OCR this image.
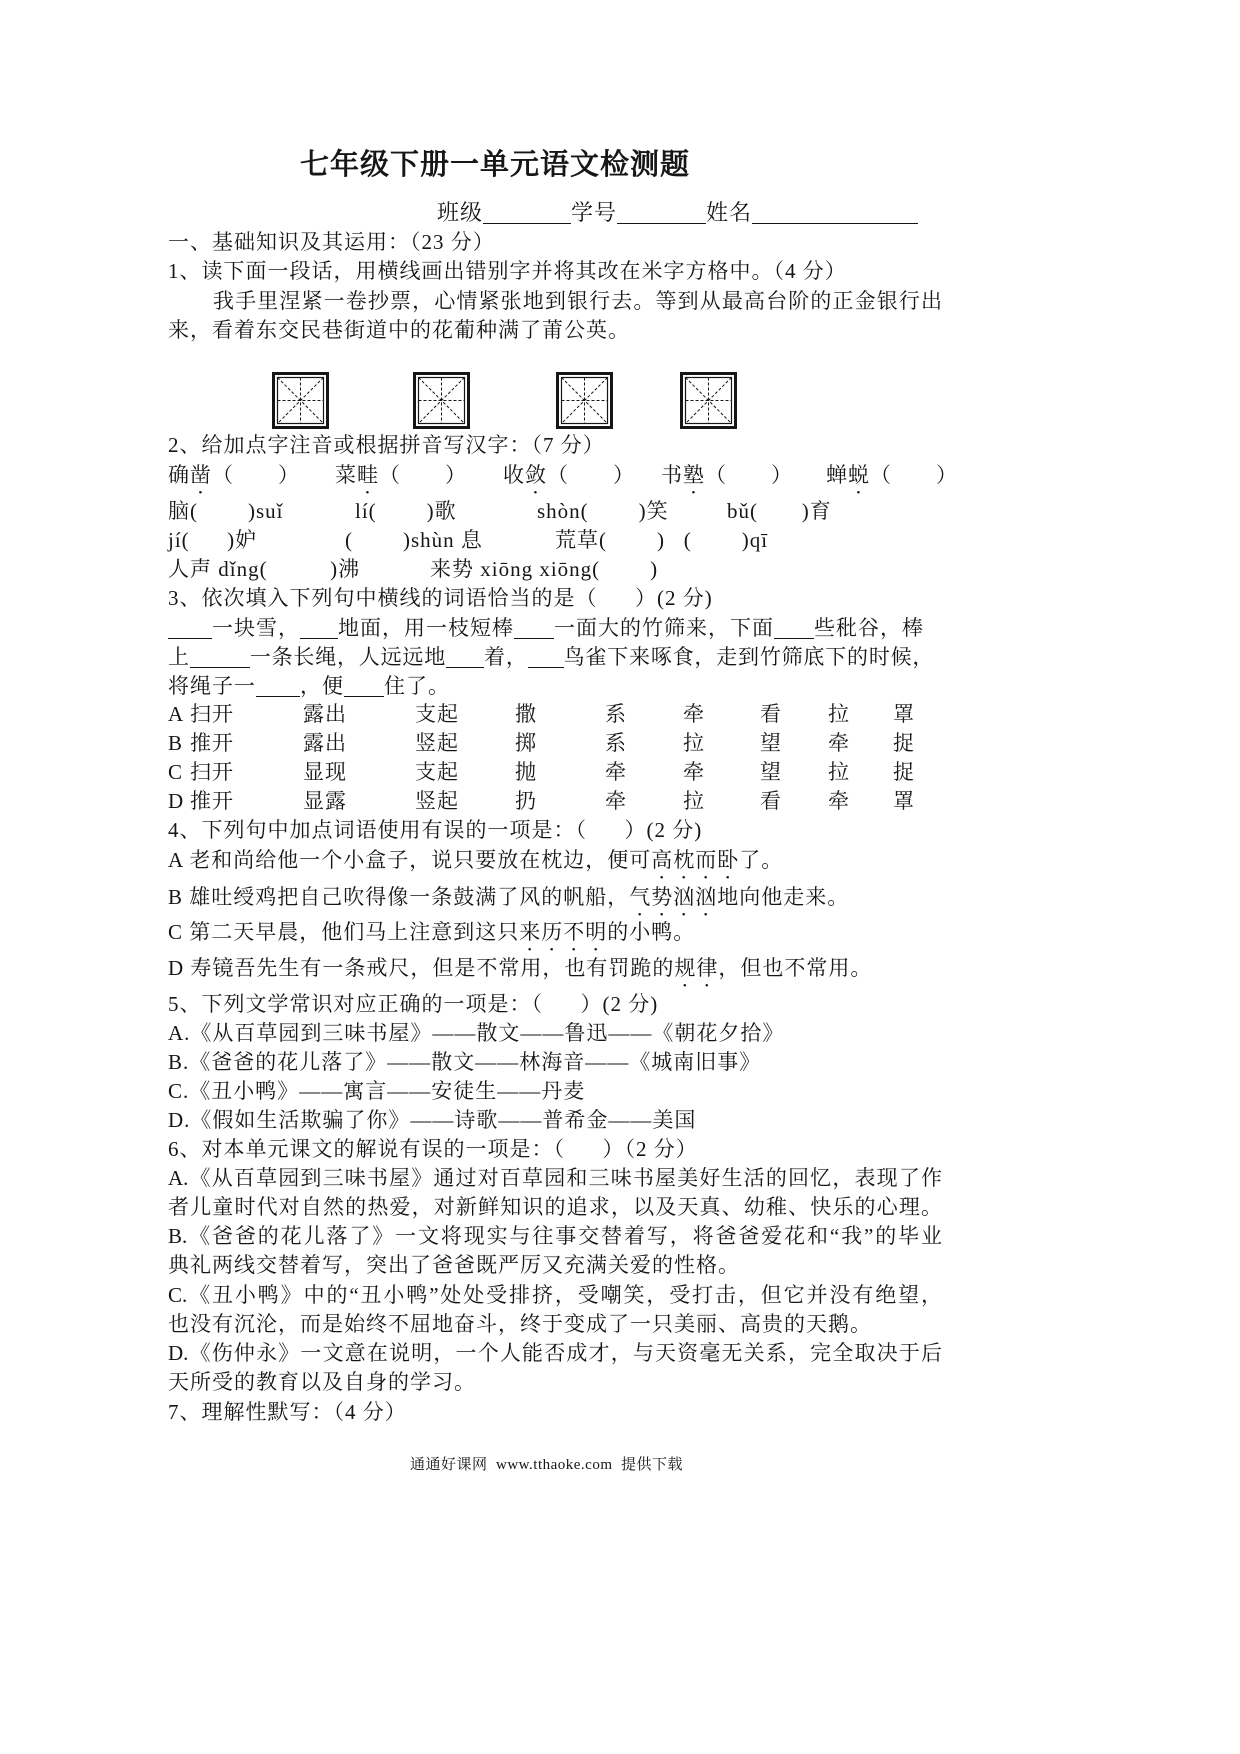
七年级下册一单元语文检测题
班级	学号	姓名
一、基础知识及其运用：（23 分）
1、读下面一段话，用横线画出错别字并将其改在米字方格中。（4 分）
我手里涅紧一卷抄票，心情紧张地到银行去。等到从最高台阶的正金银行出
来，看着东交民巷街道中的花葡种满了莆公英。
2、给加点字注音或根据拼音写汉字：（7 分）
确凿（　　） 菜畦（　　） 收敛（　　） 书塾（　　） 蝉蜕（　　）
脑(        )suǐ	lí(        )歌	shòn(        )笑	bǔ(       )育
jí(      )妒	(        )shùn 息	荒草(        )   (        )qī
人声 dǐng(          )沸	来势 xiōng xiōng(        )
3、依次填入下列句中横线的词语恰当的是（      ）(2 分)
一块雪， 地面，用一枝短棒 一面大的竹筛来，下面 些秕谷，棒
上	一条长绳，人远远地 着， 鸟雀下来啄食，走到竹筛底下的时候，
将绳子一 ，便 住了。
A 扫开	露出	支起	撒	系	牵	看 拉 罩
B 推开	露出	竖起	掷	系	拉	望 牵 捉
C 扫开	显现	支起	抛	牵	牵	望 拉 捉
D 推开	显露	竖起	扔	牵	拉	看 牵 罩
4、下列句中加点词语使用有误的一项是：（      ）(2 分)
A 老和尚给他一个小盒子，说只要放在枕边，便可高枕而卧了。
B 雄吐绶鸡把自己吹得像一条鼓满了风的帆船，气势汹汹地向他走来。
C 第二天早晨，他们马上注意到这只来历不明的小鸭。
D 寿镜吾先生有一条戒尺，但是不常用，也有罚跪的规律，但也不常用。
5、下列文学常识对应正确的一项是：（      ）(2 分)
A.《从百草园到三味书屋》——散文——鲁迅——《朝花夕拾》
B.《爸爸的花儿落了》——散文——林海音——《城南旧事》
C.《丑小鸭》——寓言——安徒生——丹麦
D.《假如生活欺骗了你》——诗歌——普希金——美国
6、对本单元课文的解说有误的一项是：（      ）（2 分）
A.《从百草园到三味书屋》通过对百草园和三味书屋美好生活的回忆，表现了作
者儿童时代对自然的热爱，对新鲜知识的追求，以及天真、幼稚、快乐的心理。
B.《爸爸的花儿落了》一文将现实与往事交替着写，将爸爸爱花和“我”的毕业
典礼两线交替着写，突出了爸爸既严厉又充满关爱的性格。
C.《丑小鸭》中的“丑小鸭”处处受排挤，受嘲笑，受打击，但它并没有绝望，
也没有沉沦，而是始终不屈地奋斗，终于变成了一只美丽、高贵的天鹅。
D.《伤仲永》一文意在说明，一个人能否成才，与天资毫无关系，完全取决于后
天所受的教育以及自身的学习。
7、理解性默写：（4 分）
通通好课网  www.tthaoke.com  提供下载
